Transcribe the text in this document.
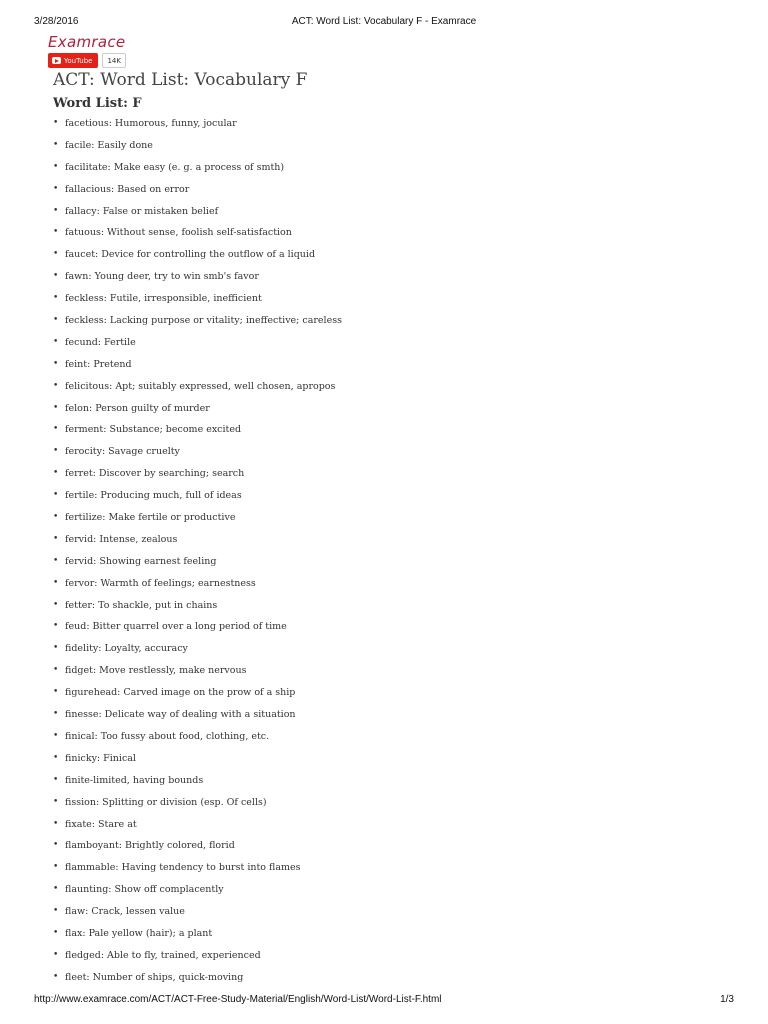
3/28/2016	ACT: Word List: Vocabulary F - Examrace
Examrace
YouTube	14K
ACT: Word List: Vocabulary F
Word List: F
• facetious: Humorous, funny, jocular
• facile: Easily done
• facilitate: Make easy (e. g. a process of smth)
• fallacious: Based on error
• fallacy: False or mistaken belief
• fatuous: Without sense, foolish self-satisfaction
• faucet: Device for controlling the outflow of a liquid
• fawn: Young deer, try to win smb's favor
• feckless: Futile, irresponsible, inefficient
• feckless: Lacking purpose or vitality; ineffective; careless
• fecund: Fertile
• feint: Pretend
• felicitous: Apt; suitably expressed, well chosen, apropos
• felon: Person guilty of murder
• ferment: Substance; become excited
• ferocity: Savage cruelty
• ferret: Discover by searching; search
• fertile: Producing much, full of ideas
• fertilize: Make fertile or productive
• fervid: Intense, zealous
• fervid: Showing earnest feeling
• fervor: Warmth of feelings; earnestness
• fetter: To shackle, put in chains
• feud: Bitter quarrel over a long period of time
• fidelity: Loyalty, accuracy
• fidget: Move restlessly, make nervous
• figurehead: Carved image on the prow of a ship
• finesse: Delicate way of dealing with a situation
• finical: Too fussy about food, clothing, etc.
• finicky: Finical
• finite-limited, having bounds
• fission: Splitting or division (esp. Of cells)
• fixate: Stare at
• flamboyant: Brightly colored, florid
• flammable: Having tendency to burst into flames
• flaunting: Show off complacently
• flaw: Crack, lessen value
• flax: Pale yellow (hair); a plant
• fledged: Able to fly, trained, experienced
• fleet: Number of ships, quick-moving
http://www.examrace.com/ACT/ACT-Free-Study-Material/English/Word-List/Word-List-F.html	1/3
